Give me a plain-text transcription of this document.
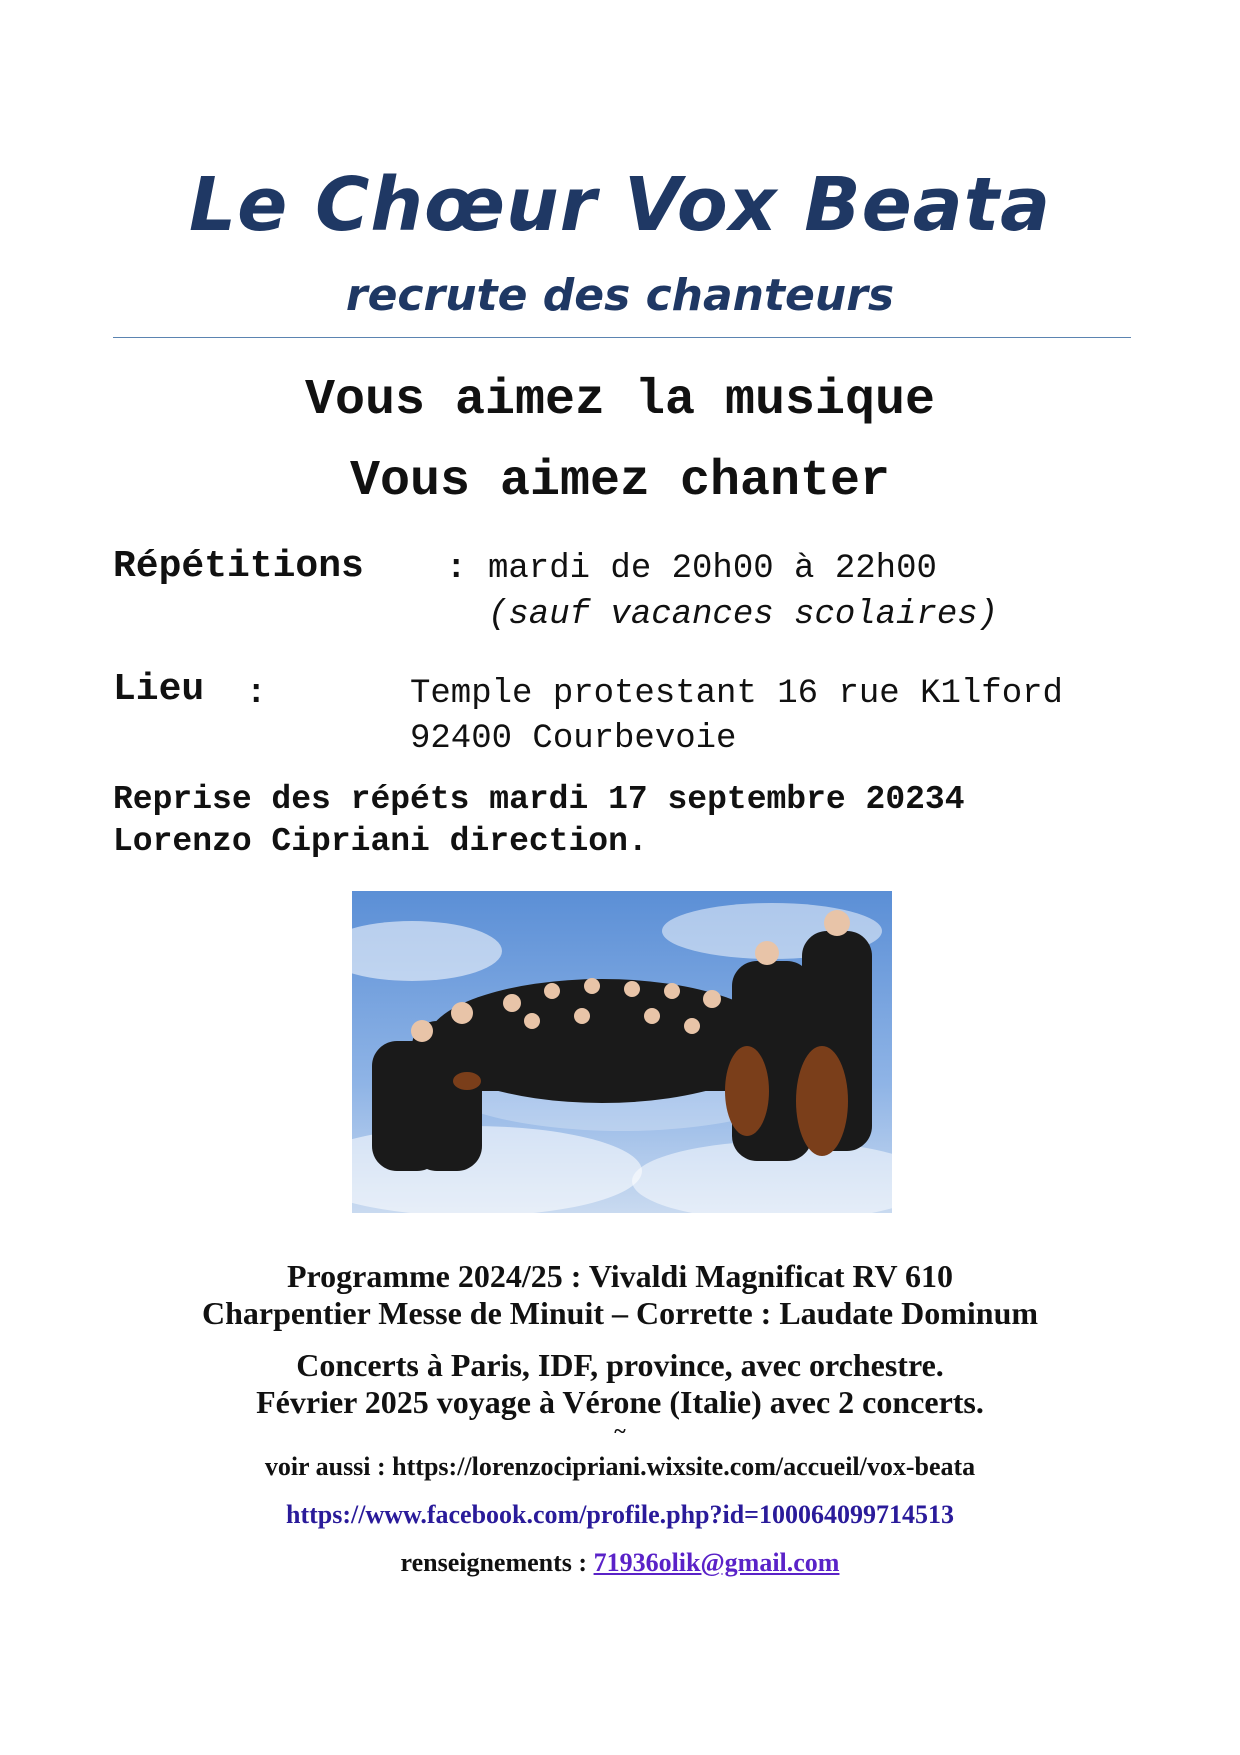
Le Chœur Vox Beata
recrute des chanteurs
Vous aimez la musique
Vous aimez chanter
Répétitions : mardi de 20h00 à 22h00
(sauf vacances scolaires)
Lieu :	Temple protestant 16 rue K1lford
92400 Courbevoie
Reprise des répéts mardi 17 septembre 20234
Lorenzo Cipriani direction.
Programme 2024/25 : Vivaldi Magnificat RV 610
Charpentier Messe de Minuit – Corrette : Laudate Dominum
Concerts à Paris, IDF, province, avec orchestre.
Février 2025 voyage à Vérone (Italie) avec 2 concerts.
~
voir aussi : https://lorenzocipriani.wixsite.com/accueil/vox-beata
https://www.facebook.com/profile.php?id=100064099714513
renseignements : 71936olik@gmail.com
